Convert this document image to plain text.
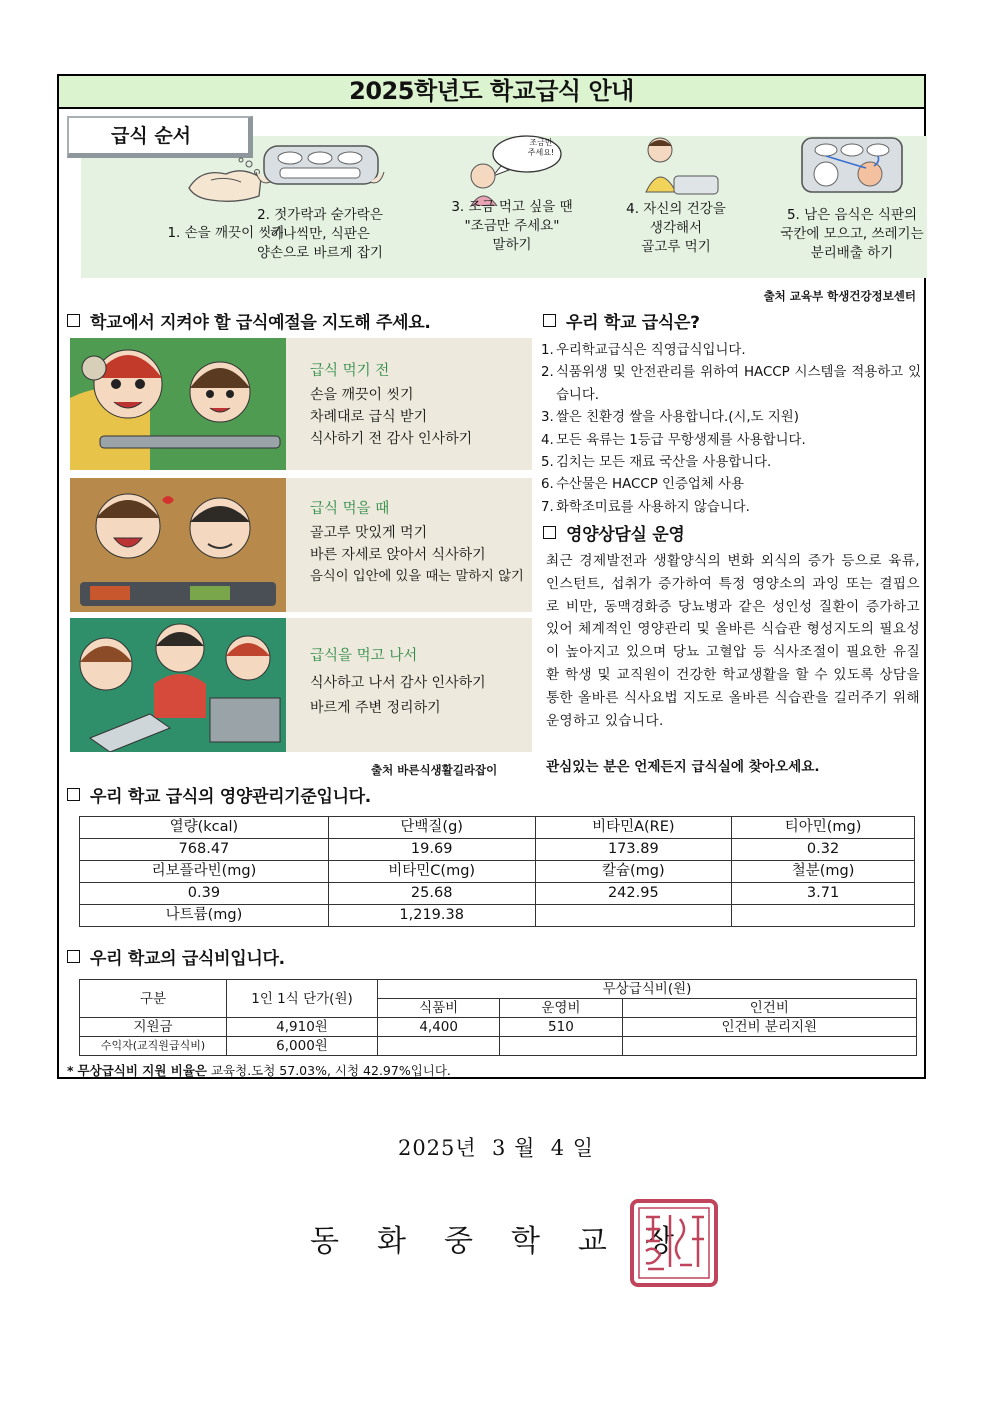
2025학년도 학교급식 안내
급식 순서
1. 손을 깨끗이 씻기
2. 젓가락과 숟가락은
하나씩만, 식판은
양손으로 바르게 잡기
조금만
주세요!
3. 조금 먹고 싶을 땐
"조금만 주세요"
말하기
4. 자신의 건강을
생각해서
골고루 먹기
5. 남은 음식은 식판의
국칸에 모으고, 쓰레기는
분리배출 하기
출처 교육부 학생건강정보센터
학교에서 지켜야 할 급식예절을 지도해 주세요.
급식 먹기 전
손을 깨끗이 씻기
차례대로 급식 받기
식사하기 전 감사 인사하기
급식 먹을 때
골고루 맛있게 먹기
바른 자세로 앉아서 식사하기
음식이 입안에 있을 때는 말하지 않기
급식을 먹고 나서
식사하고 나서 감사 인사하기
바르게 주변 정리하기
출처 바른식생활길라잡이
우리 학교 급식은?
1. 우리학교급식은 직영급식입니다.
2. 식품위생 및 안전관리를 위하여 HACCP 시스템을 적용하고 있습니다.
3. 쌀은 친환경 쌀을 사용합니다.(시,도 지원)
4. 모든 육류는 1등급 무항생제를 사용합니다.
5. 김치는 모든 재료 국산을 사용합니다.
6. 수산물은 HACCP 인증업체 사용
7. 화학조미료를 사용하지 않습니다.
영양상담실 운영
최근 경제발전과 생활양식의 변화 외식의 증가 등으로 육류, 인스턴트, 섭취가 증가하여 특정 영양소의 과잉 또는 결핍으로 비만, 동맥경화증 당뇨병과 같은 성인성 질환이 증가하고 있어 체계적인 영양관리 및 올바른 식습관 형성지도의 필요성이 높아지고 있으며 당뇨 고혈압 등 식사조절이 필요한 유질환 학생 및 교직원이 건강한 학교생활을 할 수 있도록 상담을 통한 올바른 식사요법 지도로 올바른 식습관을 길러주기 위해 운영하고 있습니다.
관심있는 분은 언제든지 급식실에 찾아오세요.
우리 학교 급식의 영양관리기준입니다.
열량(kcal)	단백질(g)	비타민A(RE)	티아민(mg)
768.47	19.69	173.89	0.32
리보플라빈(mg)	비타민C(mg)	칼슘(mg)	철분(mg)
0.39	25.68	242.95	3.71
나트륨(mg)	1,219.38		
우리 학교의 급식비입니다.
구분	1인 1식 단가(원)	무상급식비(원)		
		식품비	운영비	인건비
지원금	4,910원	4,400	510	인건비 분리지원
수익자(교직원급식비)	6,000원			
* 무상급식비 지원 비율은 교육청.도청 57.03%, 시청 42.97%입니다.
2025년  3 월  4 일
동화중학교장
